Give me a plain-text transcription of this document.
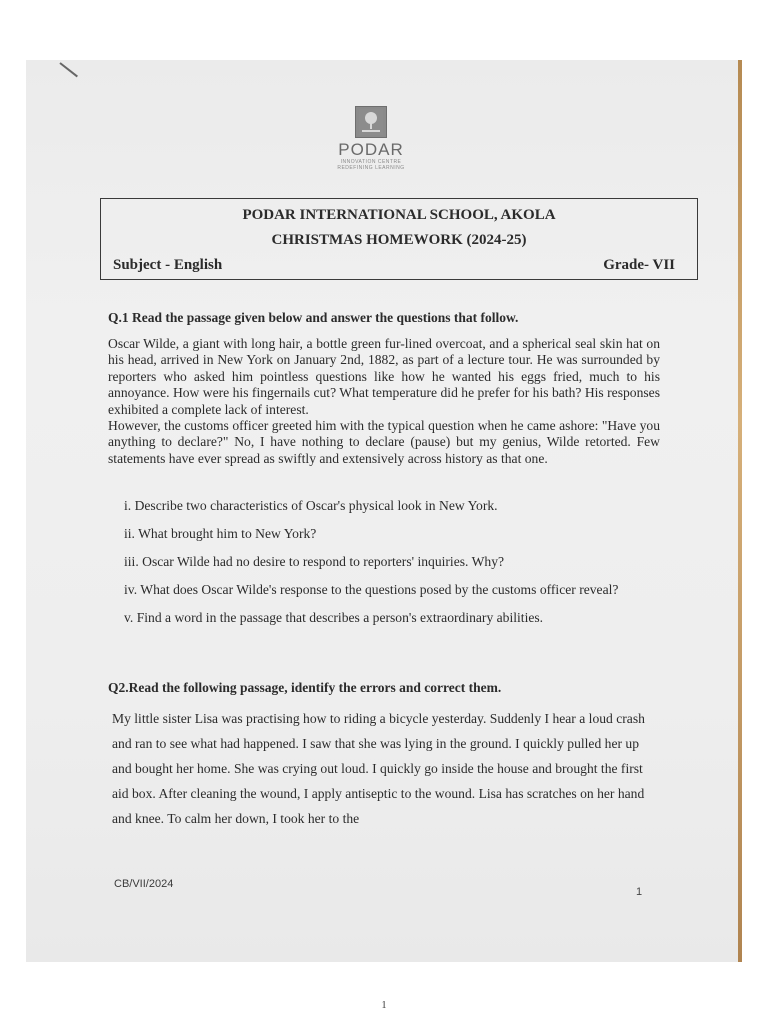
PODAR
INNOVATION CENTRE
REDEFINING LEARNING
PODAR INTERNATIONAL SCHOOL, AKOLA
CHRISTMAS HOMEWORK (2024-25)
Subject - English	Grade- VII
Q.1 Read the passage given below and answer the questions that follow.

Oscar Wilde, a giant with long hair, a bottle green fur-lined overcoat, and a spherical seal skin hat on his head, arrived in New York on January 2nd, 1882, as part of a lecture tour. He was surrounded by reporters who asked him pointless questions like how he wanted his eggs fried, much to his annoyance. How were his fingernails cut? What temperature did he prefer for his bath? His responses exhibited a complete lack of interest.

However, the customs officer greeted him with the typical question when he came ashore: "Have you anything to declare?" No, I have nothing to declare (pause) but my genius, Wilde retorted. Few statements have ever spread as swiftly and extensively across history as that one.

i. Describe two characteristics of Oscar's physical look in New York.
ii. What brought him to New York?
iii. Oscar Wilde had no desire to respond to reporters' inquiries. Why?
iv. What does Oscar Wilde's response to the questions posed by the customs officer reveal?
v. Find a word in the passage that describes a person's extraordinary abilities.
Q2.Read the following passage, identify the errors and correct them.
My little sister Lisa was practising how to riding a bicycle yesterday. Suddenly I hear a loud crash and ran to see what had happened. I saw that she was lying in the ground. I quickly pulled her up and bought her home. She was crying out loud. I quickly go inside the house and brought the first aid box. After cleaning the wound, I apply antiseptic to the wound. Lisa has scratches on her hand and knee. To calm her down, I took her to the
CB/VII/2024
1
1
